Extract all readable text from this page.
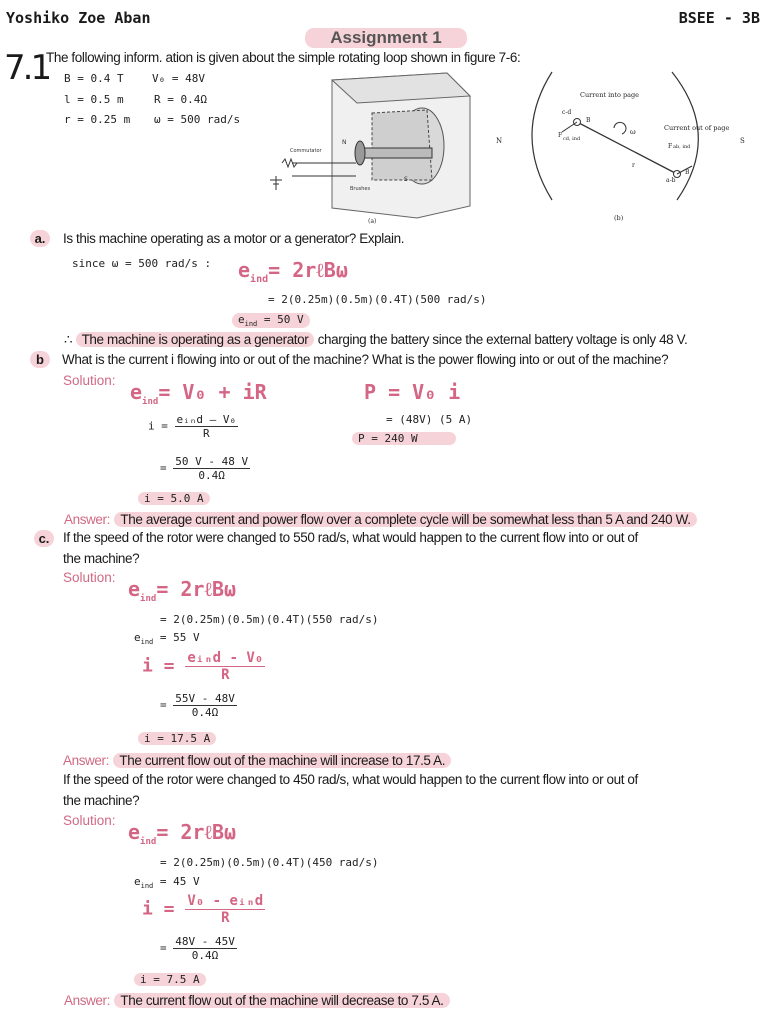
Yoshiko Zoe Aban	BSEE - 3B
Assignment 1
7.1
The following inform. ation is given about the simple rotating loop shown in figure 7-6:
B = 0.4 T	V₀ = 48V
l = 0.5 m	R = 0.4Ω
r = 0.25 m ω = 500 rad/s
Commutator
Brushes
N
S
(a)
Current into page
Current out of page
N	S
c-d
B
F cd, ind
F ab, ind
ω
r
a-b
B
(b)
a.	Is this machine operating as a motor or a generator? Explain.
since ω = 500 rad/s : $e_{ind}=$ 2rℓBω
= 2(0.25m)(0.5m)(0.4T)(500 rad/s)
$e_{ind} = 50$ V
∴ The machine is operating as a generator charging the battery since the external battery voltage is only 48 V.
b	What is the current i flowing into or out of the machine? What is the power flowing into or out of the machine?
Solution: $e_{ind}= V_0$ + iR
$i = \frac{\text{eᵢₙd – V₀}}{R}$
= $\frac{50 V - 48 V}{0.4\Omega}$
i = 5.0 A
P = V₀ i
= (48V) (5 A)
P = 240 W
Answer: The average current and power flow over a complete cycle will be somewhat less than 5 A and 240 W.
c.	If the speed of the rotor were changed to 550 rad/s, what would happen to the current flow into or out of
the machine?
Solution: $e_{ind}=$ 2rℓBω
= 2(0.25m)(0.5m)(0.4T)(550 rad/s)
$e_{ind} = 55$ V
$i = \frac{\text{eᵢₙd - V₀}}{R}$
= $\frac{55V - 48V}{0.4\Omega}$
i = 17.5 A
Answer: The current flow out of the machine will increase to 17.5 A.
If the speed of the rotor were changed to 450 rad/s, what would happen to the current flow into or out of
the machine?
Solution: $e_{ind}=$ 2rℓBω
= 2(0.25m)(0.5m)(0.4T)(450 rad/s)
$e_{ind} = 45$ V
$i = \frac{\text{V₀ - eᵢₙd}}{R}$
= $\frac{48V - 45V}{0.4\Omega}$
i = 7.5 A
Answer: The current flow out of the machine will decrease to 7.5 A.
